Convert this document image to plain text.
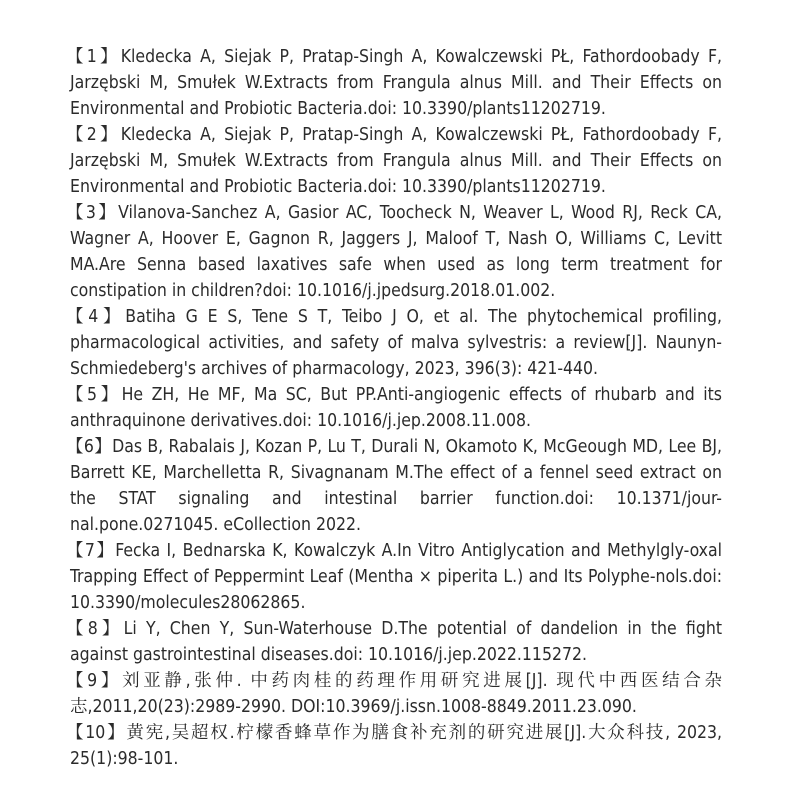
【1】Kledecka A, Siejak P, Pratap-Singh A, Kowalczewski PŁ, Fathordoobady F, Jarzębski M, Smułek W.Extracts from Frangula alnus Mill. and Their Effects on Environmental and Probiotic Bacteria.doi: 10.3390/plants11202719.

【2】Kledecka A, Siejak P, Pratap-Singh A, Kowalczewski PŁ, Fathordoobady F, Jarzębski M, Smułek W.Extracts from Frangula alnus Mill. and Their Effects on Environmental and Probiotic Bacteria.doi: 10.3390/plants11202719.

【3】Vilanova-Sanchez A, Gasior AC, Toocheck N, Weaver L, Wood RJ, Reck CA, Wagner A, Hoover E, Gagnon R, Jaggers J, Maloof T, Nash O, Williams C, Levitt MA.Are Senna based laxatives safe when used as long term treatment for constipation in children?doi: 10.1016/j.jpedsurg.2018.01.002.

【4】Batiha G E S, Tene S T, Teibo J O, et al. The phytochemical profiling, pharmacological activities, and safety of malva sylvestris: a review[J]. Naunyn-Schmiedeberg's archives of pharmacology, 2023, 396(3): 421-440.

【5】He ZH, He MF, Ma SC, But PP.Anti-angiogenic effects of rhubarb and its anthraquinone derivatives.doi: 10.1016/j.jep.2008.11.008.

【6】Das B, Rabalais J, Kozan P, Lu T, Durali N, Okamoto K, McGeough MD, Lee BJ, Barrett KE, Marchelletta R, Sivagnanam M.The effect of a fennel seed extract on the STAT signaling and intestinal barrier function.doi: 10.1371/jour-nal.pone.0271045. eCollection 2022.

【7】Fecka I, Bednarska K, Kowalczyk A.In Vitro Antiglycation and Methylgly-oxal Trapping Effect of Peppermint Leaf (Mentha × piperita L.) and Its Polyphe-nols.doi: 10.3390/molecules28062865.

【8】Li Y, Chen Y, Sun-Waterhouse D.The potential of dandelion in the fight against gastrointestinal diseases.doi: 10.1016/j.jep.2022.115272.

【9】刘亚静,张仲. 中药肉桂的药理作用研究进展[J]. 现代中西医结合杂志,2011,20(23):2989-2990. DOI:10.3969/j.issn.1008-8849.2011.23.090.

【10】黄宪,吴超权.柠檬香蜂草作为膳食补充剂的研究进展[J].大众科技, 2023, 25(1):98-101.
